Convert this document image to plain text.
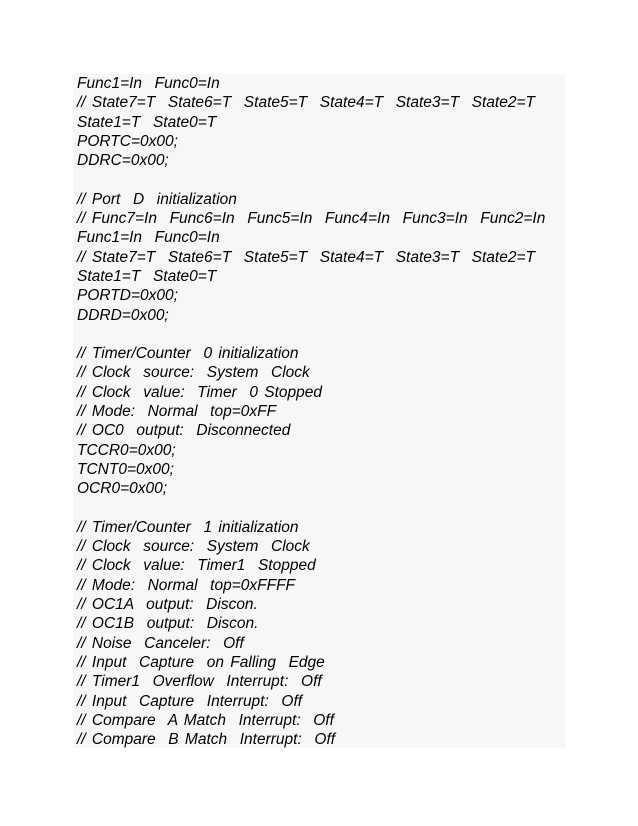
Func1=In  Func0=In
// State7=T  State6=T  State5=T  State4=T  State3=T  State2=T
State1=T  State0=T
PORTC=0x00;
DDRC=0x00;
// Port  D  initialization
// Func7=In  Func6=In  Func5=In  Func4=In  Func3=In  Func2=In
Func1=In  Func0=In
// State7=T  State6=T  State5=T  State4=T  State3=T  State2=T
State1=T  State0=T
PORTD=0x00;
DDRD=0x00;
// Timer/Counter  0 initialization
// Clock  source:  System  Clock
// Clock  value:  Timer  0 Stopped
// Mode:  Normal  top=0xFF
// OC0  output:  Disconnected
TCCR0=0x00;
TCNT0=0x00;
OCR0=0x00;
// Timer/Counter  1 initialization
// Clock  source:  System  Clock
// Clock  value:  Timer1  Stopped
// Mode:  Normal  top=0xFFFF
// OC1A  output:  Discon.
// OC1B  output:  Discon.
// Noise  Canceler:  Off
// Input  Capture  on Falling  Edge
// Timer1  Overflow  Interrupt:  Off
// Input  Capture  Interrupt:  Off
// Compare  A Match  Interrupt:  Off
// Compare  B Match  Interrupt:  Off
